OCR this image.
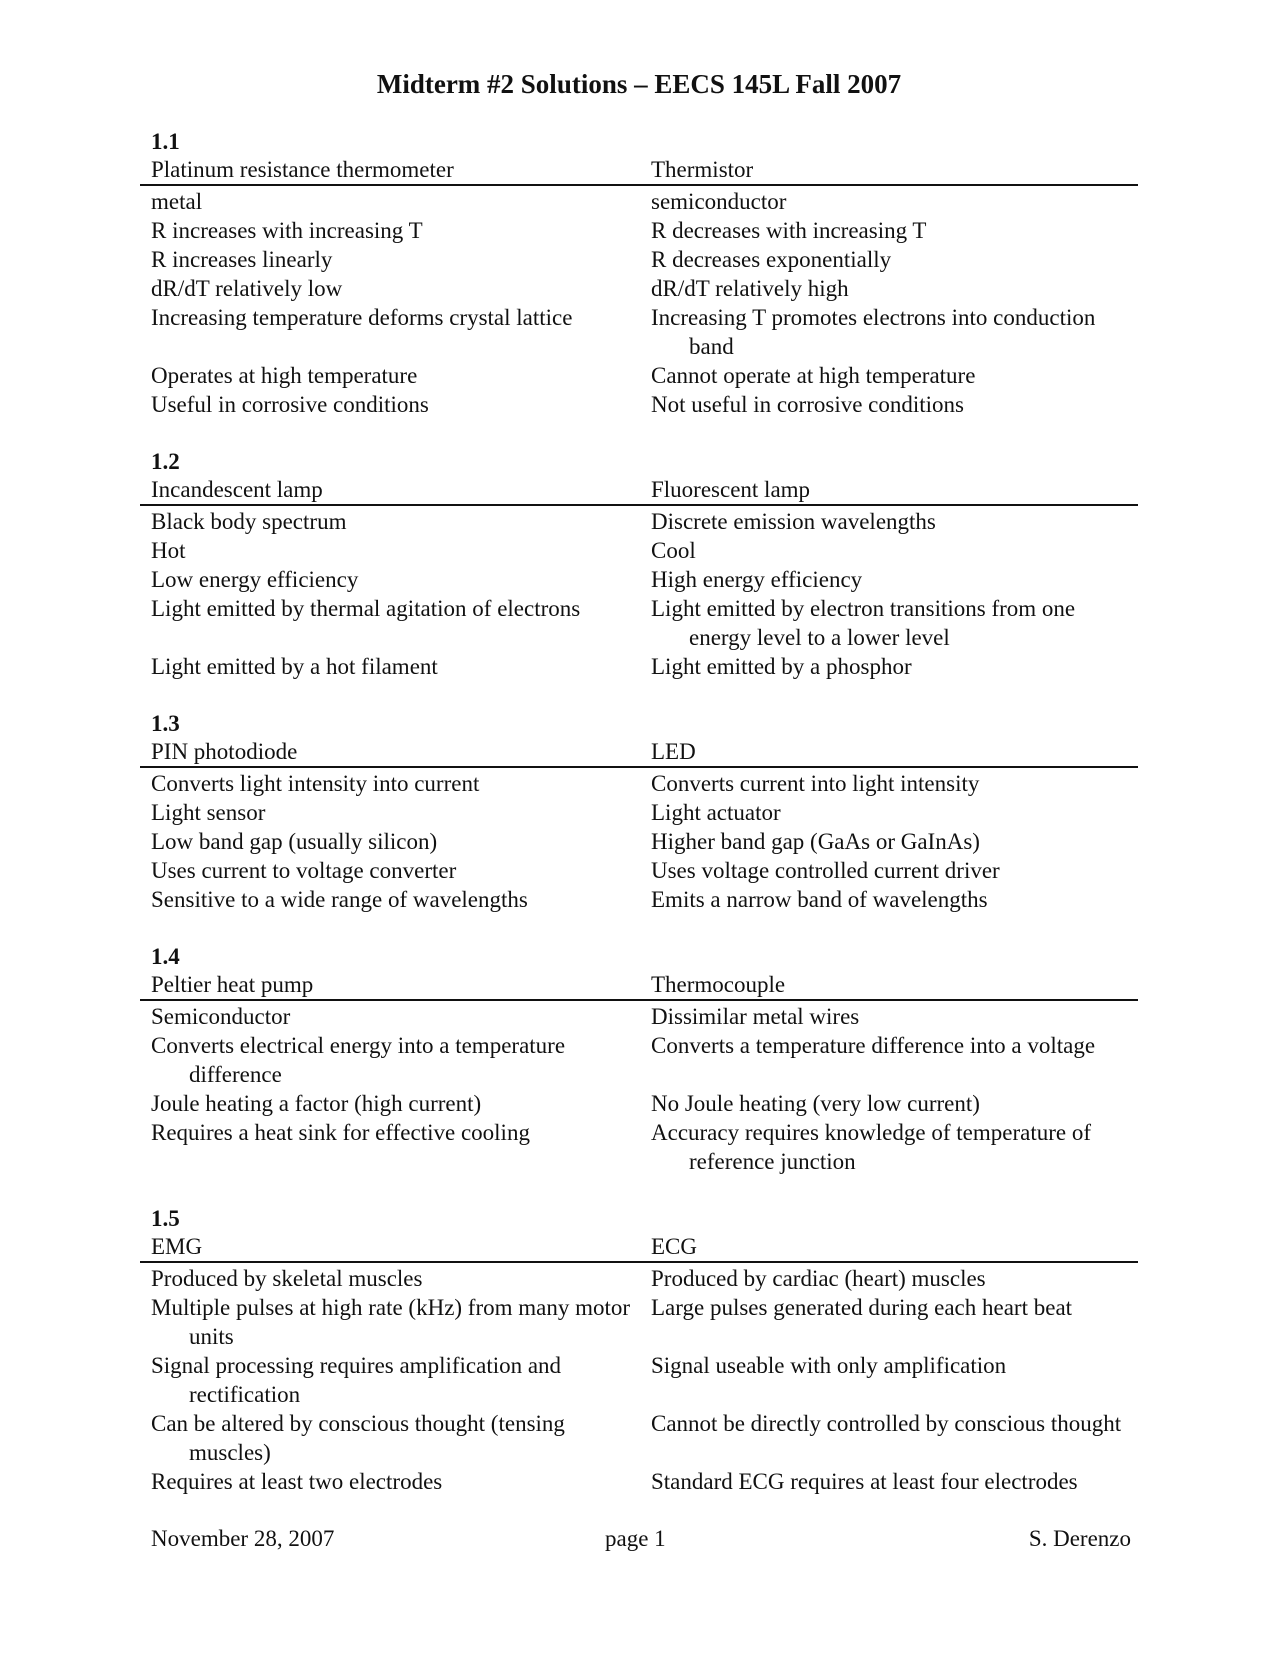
Midterm #2 Solutions – EECS 145L Fall 2007
1.1
Platinum resistance thermometer	Thermistor

metal	semiconductor

R increases with increasing T	R decreases with increasing T

R increases linearly	R decreases exponentially

dR/dT relatively low	dR/dT relatively high

Increasing temperature deforms crystal lattice	Increasing T promotes electrons into conduction band

Operates at high temperature	Cannot operate at high temperature

Useful in corrosive conditions	Not useful in corrosive conditions
1.2
Incandescent lamp	Fluorescent lamp

Black body spectrum	Discrete emission wavelengths

Hot	Cool

Low energy efficiency	High energy efficiency

Light emitted by thermal agitation of electrons	Light emitted by electron transitions from one energy level to a lower level

Light emitted by a hot filament	Light emitted by a phosphor
1.3
PIN photodiode	LED

Converts light intensity into current	Converts current into light intensity

Light sensor	Light actuator

Low band gap (usually silicon)	Higher band gap (GaAs or GaInAs)

Uses current to voltage converter	Uses voltage controlled current driver

Sensitive to a wide range of wavelengths	Emits a narrow band of wavelengths
1.4
Peltier heat pump	Thermocouple

Semiconductor	Dissimilar metal wires

Converts electrical energy into a temperature difference	Converts a temperature difference into a voltage

Joule heating a factor (high current)	No Joule heating (very low current)

Requires a heat sink for effective cooling	Accuracy requires knowledge of temperature of reference junction
1.5
EMG	ECG

Produced by skeletal muscles	Produced by cardiac (heart) muscles

Multiple pulses at high rate (kHz) from many motor units	Large pulses generated during each heart beat

Signal processing requires amplification and rectification	Signal useable with only amplification

Can be altered by conscious thought (tensing muscles)	Cannot be directly controlled by conscious thought

Requires at least two electrodes	Standard ECG requires at least four electrodes
November 28, 2007	page 1	S. Derenzo
